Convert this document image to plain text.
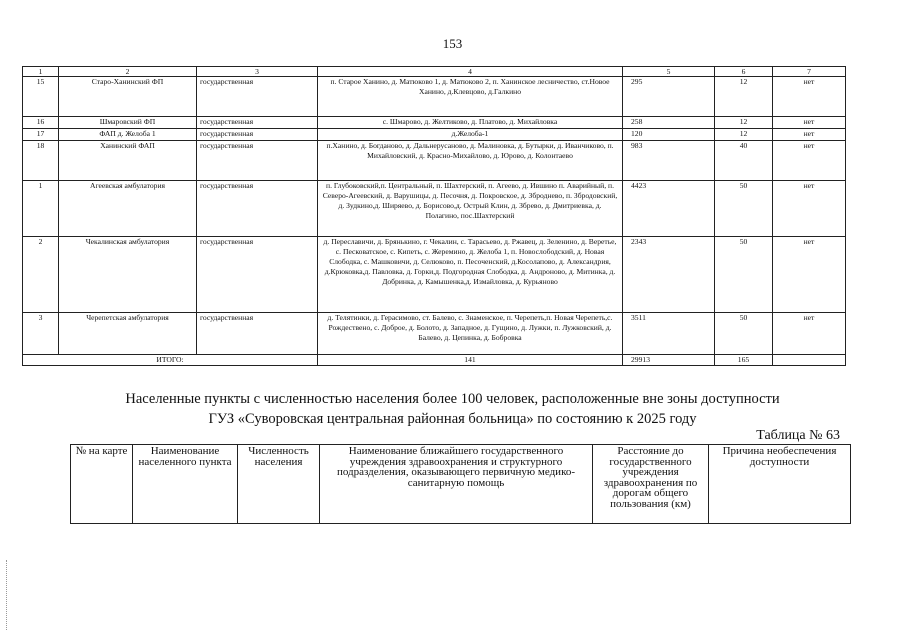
153
1	2	3	4	5	6	7
15	Старо-Ханинский ФП	государственная	п. Старое Ханино, д. Матюково 1, д. Матюково 2, п. Ханинское лесничество, ст.Новое Ханино, д.Клевцово, д.Галкино	295	12	нет
16	Шмаровский ФП	государственная	с. Шмарово, д. Желтиково, д. Платово, д. Михайловка	258	12	нет
17	ФАП д. Желоба 1	государственная	д.Желоба-1	120	12	нет
18	Ханинский ФАП	государственная	п.Ханино, д. Богданово, д. Дальнерусаново, д. Малиновка, д. Бутырки, д. Иванчиково, п. Михайловский, д. Красно-Михайлово, д. Юрово, д. Колонтаево	983	40	нет
1	Агеевская амбулатория	государственная	п. Глубоковский,п. Центральный, п. Шахтерский, п. Агеево, д. Ившино п. Аварийный, п. Северо-Агеевский, д. Варушицы, д. Песочня, д. Покровское, д. Зброднево, п. Збродовский, д. Зудкино,д. Ширяево, д. Борисово,д. Острый Клин, д. Збрево, д. Дмитриевка, д. Полагино, пос.Шахтерский	4423	50	нет
2	Чекалинская амбулатория	государственная	д. Переславичи, д. Брянькино, г. Чекалин, с. Тарасьево, д. Ржавец, д. Зеленино, д. Веретье, с. Песковатское, с. Кипеть, с. Жеремино, д. Желоба 1, п. Новослободский, д. Новая Слободка, с. Машковичи, д. Селюково, п. Песоченский, д.Косолапово, д. Александрия, д.Крюковка,д. Павловка, д. Горки,д. Подгородная Слободка, д. Андроново, д. Митинка, д. Добринка, д. Камышенка,д. Измайловка, д. Курьяново	2343	50	нет
3	Черепетская амбулатория	государственная	д. Телятинки, д. Герасимово, ст. Балево, с. Знаменское, п. Черепеть,п. Новая Черепеть,с. Рождествено, с. Доброе, д. Болото, д. Западное, д. Гущино, д. Лужки, п. Лужковский, д. Балево, д. Цепинка, д. Бобровка	3511	50	нет
ИТОГО:			141	29913	165	
Населенные пункты с численностью населения более 100 человек, расположенные вне зоны доступности
ГУЗ «Суворовская центральная районная больница» по состоянию к 2025 году
Таблица № 63
№ на карте	Наименование населенного пункта	Численность населения	Наименование ближайшего государственного учреждения здравоохранения и структурного подразделения, оказывающего первичную медико-санитарную помощь	Расстояние до государственного учреждения здравоохранения по дорогам общего пользования (км)	Причина необеспечения доступности
